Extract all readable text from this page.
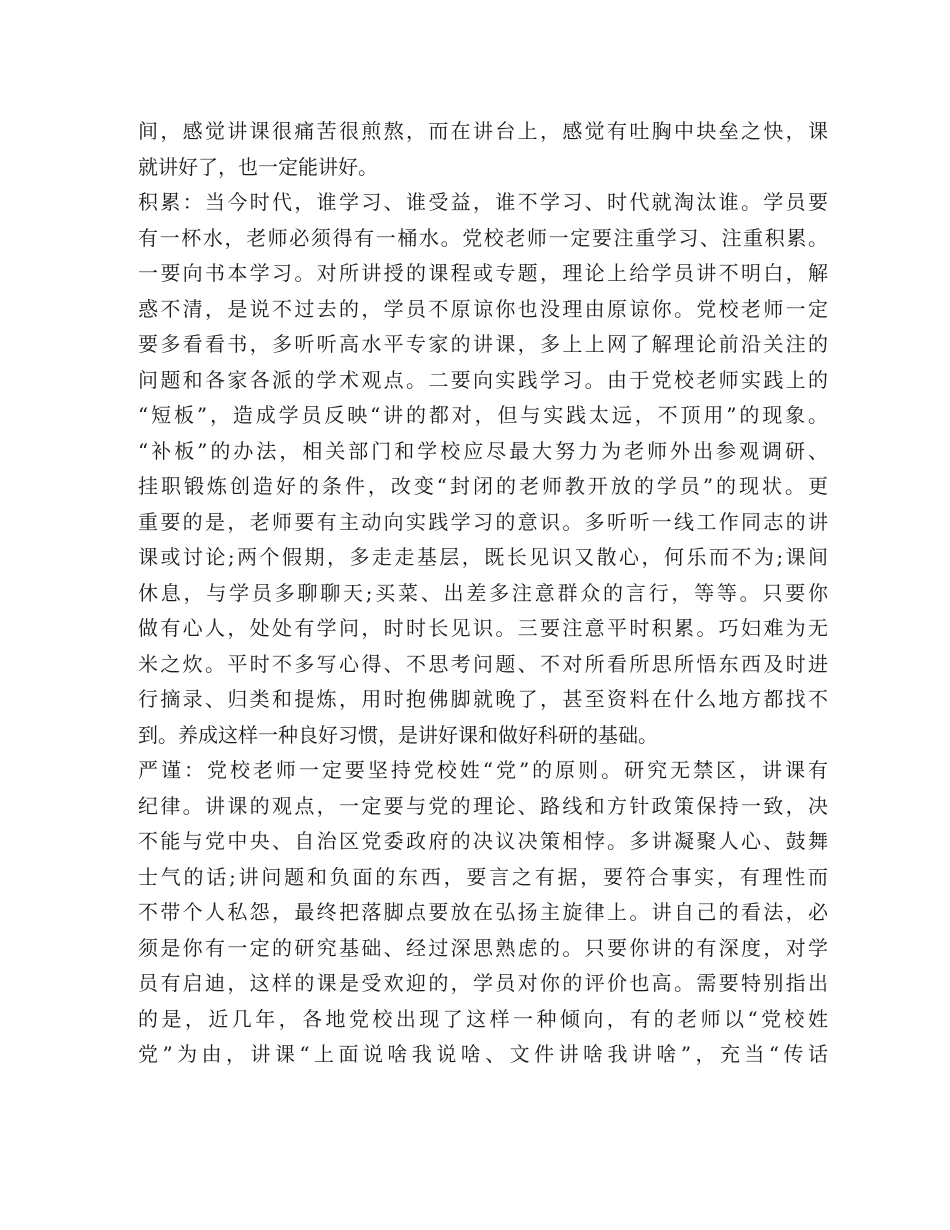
间，感觉讲课很痛苦很煎熬，而在讲台上，感觉有吐胸中块垒之快，课
就讲好了，也一定能讲好。
积累：当今时代，谁学习、谁受益，谁不学习、时代就淘汰谁。学员要
有一杯水，老师必须得有一桶水。党校老师一定要注重学习、注重积累。
一要向书本学习。对所讲授的课程或专题，理论上给学员讲不明白，解
惑不清，是说不过去的，学员不原谅你也没理由原谅你。党校老师一定
要多看看书，多听听高水平专家的讲课，多上上网了解理论前沿关注的
问题和各家各派的学术观点。二要向实践学习。由于党校老师实践上的
“短板”，造成学员反映“讲的都对，但与实践太远，不顶用”的现象。
“补板”的办法，相关部门和学校应尽最大努力为老师外出参观调研、
挂职锻炼创造好的条件，改变“封闭的老师教开放的学员”的现状。更
重要的是，老师要有主动向实践学习的意识。多听听一线工作同志的讲
课或讨论;两个假期，多走走基层，既长见识又散心，何乐而不为;课间
休息，与学员多聊聊天;买菜、出差多注意群众的言行，等等。只要你
做有心人，处处有学问，时时长见识。三要注意平时积累。巧妇难为无
米之炊。平时不多写心得、不思考问题、不对所看所思所悟东西及时进
行摘录、归类和提炼，用时抱佛脚就晚了，甚至资料在什么地方都找不
到。养成这样一种良好习惯，是讲好课和做好科研的基础。
严谨：党校老师一定要坚持党校姓“党”的原则。研究无禁区，讲课有
纪律。讲课的观点，一定要与党的理论、路线和方针政策保持一致，决
不能与党中央、自治区党委政府的决议决策相悖。多讲凝聚人心、鼓舞
士气的话;讲问题和负面的东西，要言之有据，要符合事实，有理性而
不带个人私怨，最终把落脚点要放在弘扬主旋律上。讲自己的看法，必
须是你有一定的研究基础、经过深思熟虑的。只要你讲的有深度，对学
员有启迪，这样的课是受欢迎的，学员对你的评价也高。需要特别指出
的是，近几年，各地党校出现了这样一种倾向，有的老师以“党校姓
党”为由，讲课“上面说啥我说啥、文件讲啥我讲啥”，充当“传话
